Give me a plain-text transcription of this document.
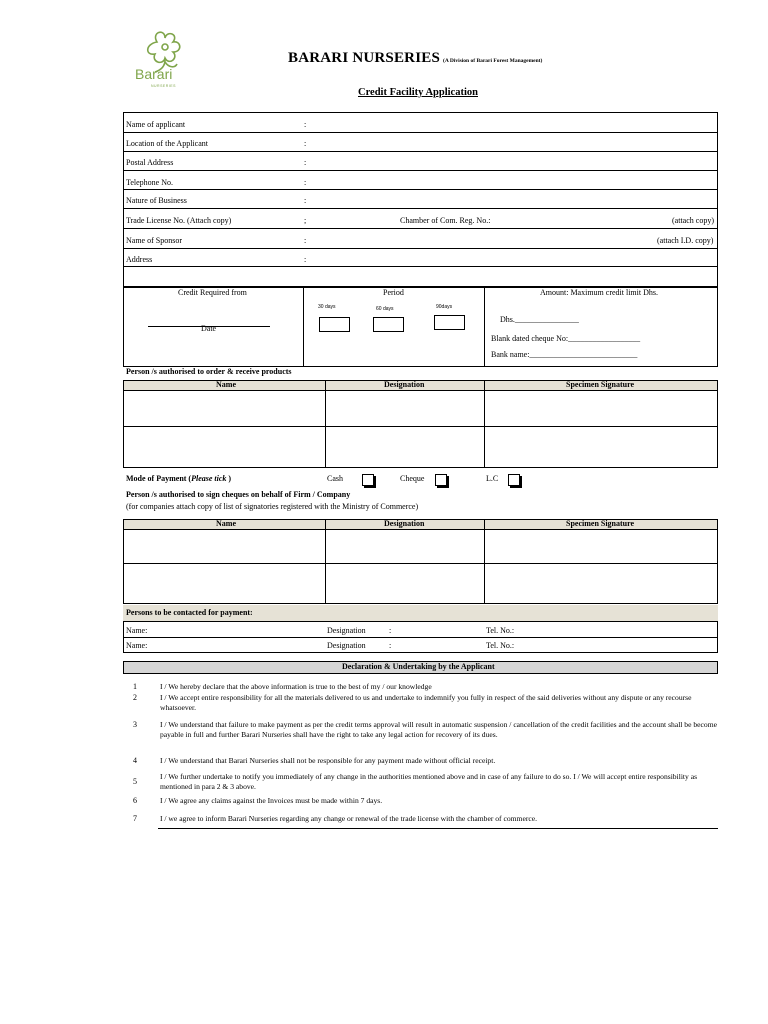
Barari
NURSERIES
BARARI NURSERIES (A Division of Barari Forest Management)
Credit Facility Application
Name of applicant	:
Location of the Applicant	:
Postal Address	:
Telephone No.	:
Nature of Business	:
Trade License No. (Attach copy)	;	Chamber of Com. Reg. No.:	(attach copy)
Name of Sponsor	:	(attach I.D. copy)
Address	:
Credit Required from
Date
Period
30 days	60 days	90days
Amount: Maximum credit limit Dhs.
Dhs.________________
Blank dated cheque No:__________________
Bank name:___________________________
Person /s authorised to order & receive products
Name	Designation	Specimen Signature
Mode of Payment (Please tick )	Cash	Cheque	L.C
Person /s authorised to sign cheques on behalf of Firm / Company
(for companies attach copy of list of signatories registered with the Ministry of Commerce)
Name	Designation	Specimen Signature
Persons to be contacted for payment:
Name:	Designation	:	Tel. No.:
Name:	Designation	:	Tel. No.:
Declaration & Undertaking by the Applicant
1	I / We hereby declare that the above information is true to the best of my / our knowledge
2	I / We accept entire responsibility for all the materials delivered to us and undertake to indemnify you fully in respect of the said deliveries without any dispute or any recourse whatsoever.
3	I / We understand that failure to make payment as per the credit terms approval will result in automatic suspension / cancellation of the credit facilities and the account shall be become payable in full and further Barari Nurseries shall have the right to take any legal action for recovery of its dues.
4	I / We understand that Barari Nurseries shall not be responsible for any payment made without official receipt.
5
I / We further undertake to notify you immediately of any change in the authorities mentioned above and in case of any failure to do so. I / We will accept entire responsibility as mentioned in para 2 & 3 above.
6	I / We agree any claims against the Invoices must be made within 7 days.
7	I / we agree to inform Barari Nurseries regarding any change or renewal of the trade license with the chamber of commerce.
